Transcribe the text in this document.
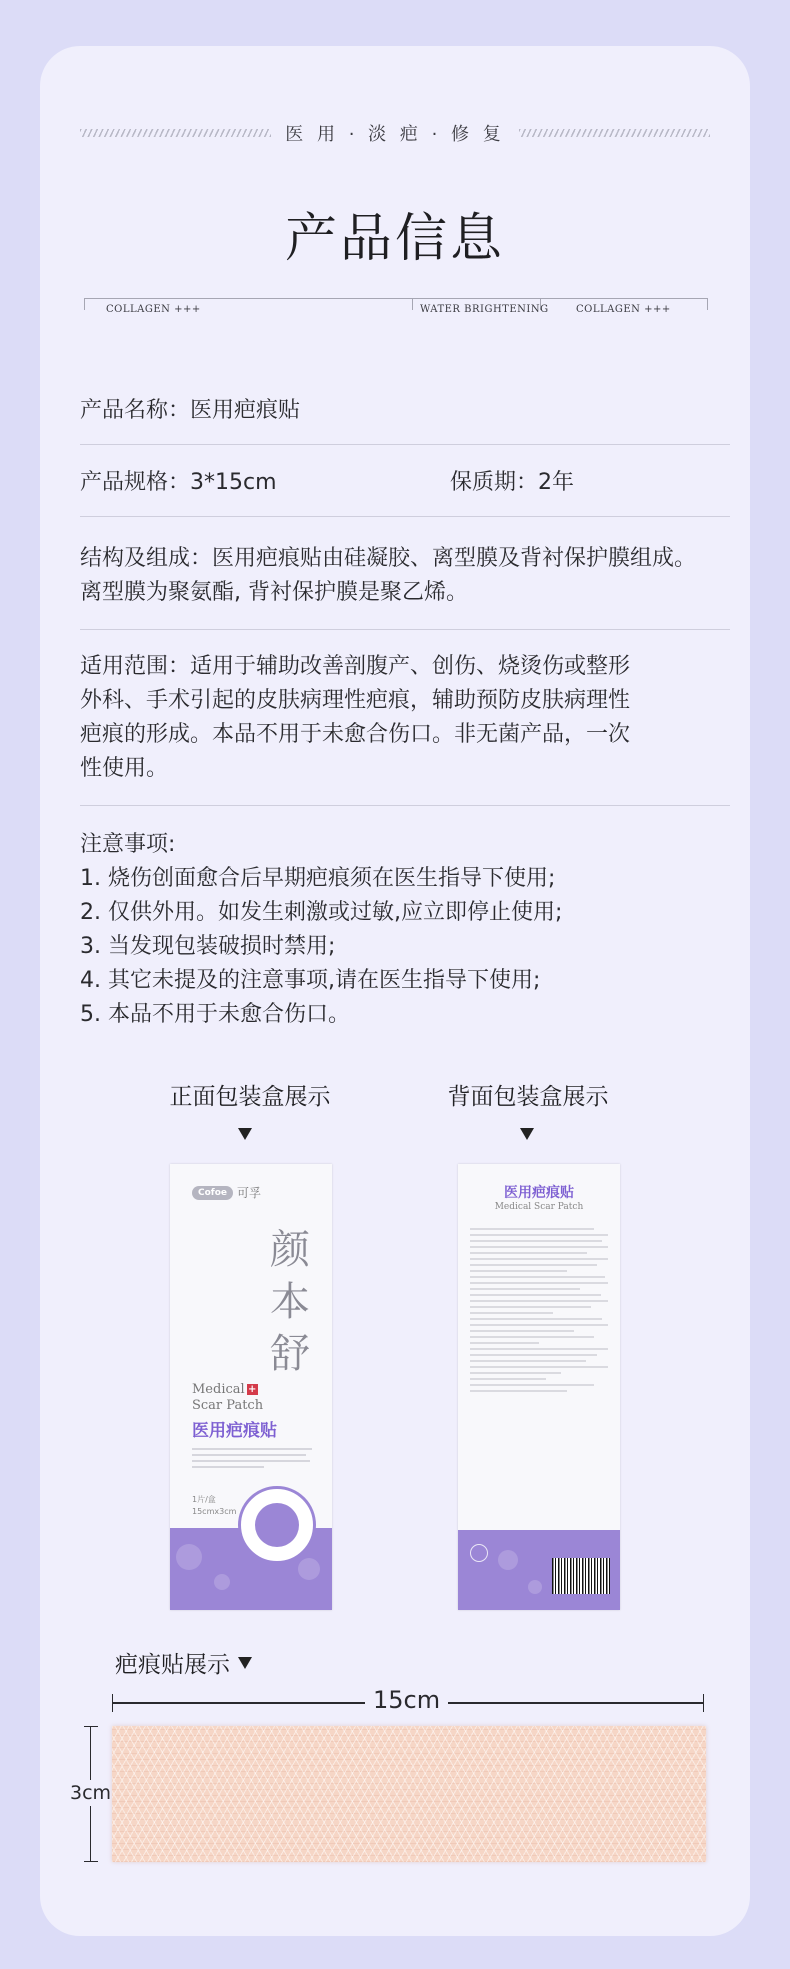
医 用 · 淡 疤 · 修 复
产品信息
COLLAGEN +++	WATER BRIGHTENING	COLLAGEN +++
产品名称：医用疤痕贴
产品规格：3*15cm	保质期：2年
结构及组成：医用疤痕贴由硅凝胶、离型膜及背衬保护膜组成。
离型膜为聚氨酯, 背衬保护膜是聚乙烯。
适用范围：适用于辅助改善剖腹产、创伤、烧烫伤或整形
外科、手术引起的皮肤病理性疤痕，辅助预防皮肤病理性
疤痕的形成。本品不用于未愈合伤口。非无菌产品，一次
性使用。
注意事项:
1. 烧伤创面愈合后早期疤痕须在医生指导下使用;
2. 仅供外用。如发生刺激或过敏,应立即停止使用;
3. 当发现包装破损时禁用;
4. 其它未提及的注意事项,请在医生指导下使用;
5. 本品不用于未愈合伤口。
正面包装盒展示	背面包装盒展示
Cofoe 可孚
颜本舒
Medical +
Scar Patch
医用疤痕贴
1片/盒
15cmx3cm
医用疤痕贴
Medical Scar Patch
疤痕贴展示
15cm
3cm
